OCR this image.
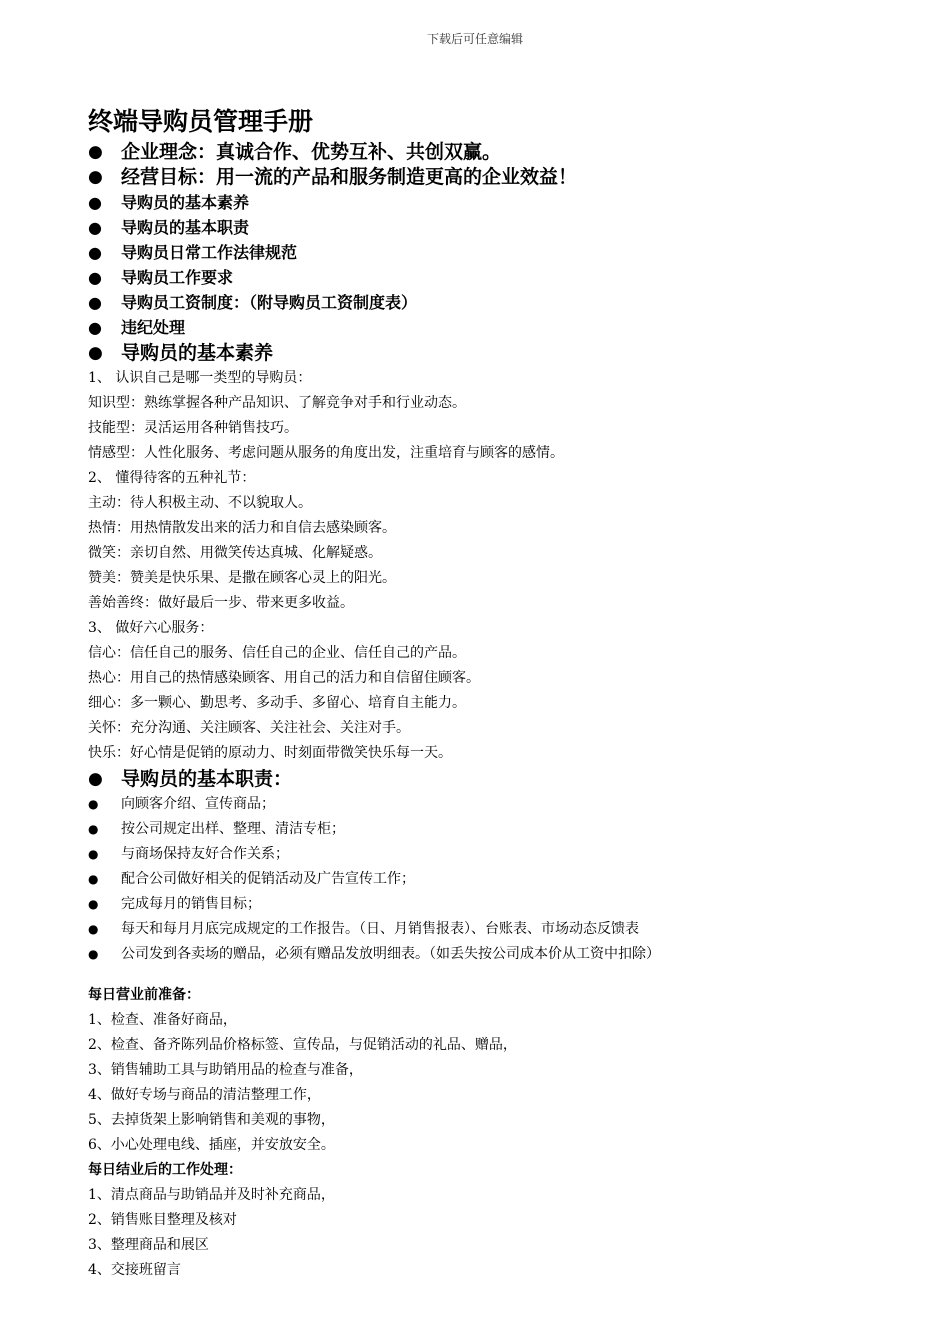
下载后可任意编辑
终端导购员管理手册
● 企业理念：真诚合作、优势互补、共创双赢。
● 经营目标：用一流的产品和服务制造更高的企业效益！
●	导购员的基本素养
●	导购员的基本职责
●	导购员日常工作法律规范
●	导购员工作要求
●	导购员工资制度：（附导购员工资制度表）
●	违纪处理
● 导购员的基本素养
1、 认识自己是哪一类型的导购员：
知识型：熟练掌握各种产品知识、了解竞争对手和行业动态。
技能型：灵活运用各种销售技巧。
情感型：人性化服务、考虑问题从服务的角度出发，注重培育与顾客的感情。
2、 懂得待客的五种礼节：
主动：待人积极主动、不以貌取人。
热情：用热情散发出来的活力和自信去感染顾客。
微笑：亲切自然、用微笑传达真城、化解疑惑。
赞美：赞美是快乐果、是撒在顾客心灵上的阳光。
善始善终：做好最后一步、带来更多收益。
3、 做好六心服务：
信心：信任自己的服务、信任自己的企业、信任自己的产品。
热心：用自己的热情感染顾客、用自己的活力和自信留住顾客。
细心：多一颗心、勤思考、多动手、多留心、培育自主能力。
关怀：充分沟通、关注顾客、关注社会、关注对手。
快乐：好心情是促销的原动力、时刻面带微笑快乐每一天。
● 导购员的基本职责：
●	向顾客介绍、宣传商品；
●	按公司规定出样、整理、清洁专柜；
●	与商场保持友好合作关系；
●	配合公司做好相关的促销活动及广告宣传工作；
●	完成每月的销售目标；
●	每天和每月月底完成规定的工作报告。（日、月销售报表）、台账表、市场动态反馈表
●	公司发到各卖场的赠品，必须有赠品发放明细表。（如丢失按公司成本价从工资中扣除）
每日营业前准备：
1、检查、准备好商品，
2、检查、备齐陈列品价格标签、宣传品，与促销活动的礼品、赠品，
3、销售辅助工具与助销用品的检查与准备，
4、做好专场与商品的清洁整理工作，
5、去掉货架上影响销售和美观的事物，
6、小心处理电线、插座，并安放安全。
每日结业后的工作处理：
1、清点商品与助销品并及时补充商品，
2、销售账目整理及核对
3、整理商品和展区
4、交接班留言
